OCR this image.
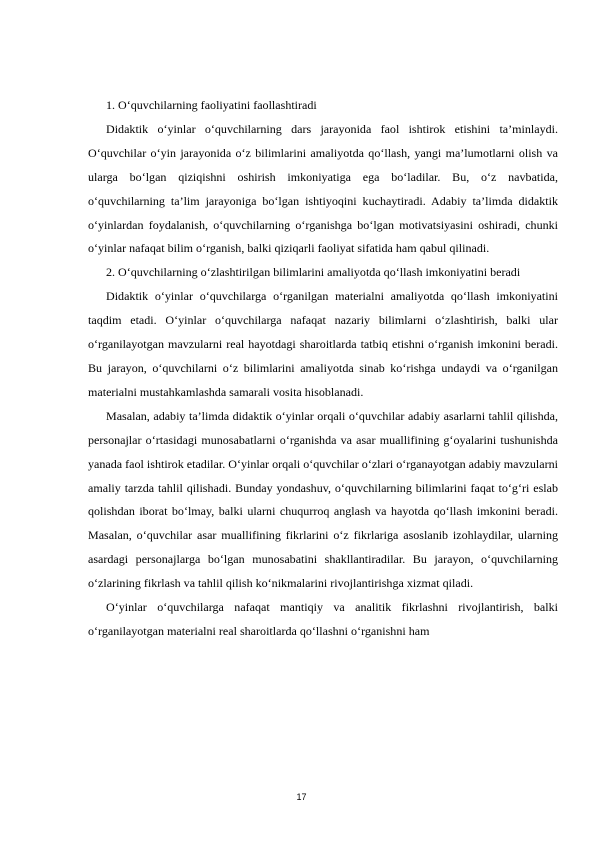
1. O‘quvchilarning faoliyatini faollashtiradi

Didaktik o‘yinlar o‘quvchilarning dars jarayonida faol ishtirok etishini ta’minlaydi. O‘quvchilar o‘yin jarayonida o‘z bilimlarini amaliyotda qo‘llash, yangi ma’lumotlarni olish va ularga bo‘lgan qiziqishni oshirish imkoniyatiga ega bo‘ladilar. Bu, o‘z navbatida, o‘quvchilarning ta’lim jarayoniga bo‘lgan ishtiyoqini kuchaytiradi. Adabiy ta’limda didaktik o‘yinlardan foydalanish, o‘quvchilarning o‘rganishga bo‘lgan motivatsiyasini oshiradi, chunki o‘yinlar nafaqat bilim o‘rganish, balki qiziqarli faoliyat sifatida ham qabul qilinadi.

2. O‘quvchilarning o‘zlashtirilgan bilimlarini amaliyotda qo‘llash imkoniyatini beradi

Didaktik o‘yinlar o‘quvchilarga o‘rganilgan materialni amaliyotda qo‘llash imkoniyatini taqdim etadi. O‘yinlar o‘quvchilarga nafaqat nazariy bilimlarni o‘zlashtirish, balki ular o‘rganilayotgan mavzularni real hayotdagi sharoitlarda tatbiq etishni o‘rganish imkonini beradi. Bu jarayon, o‘quvchilarni o‘z bilimlarini amaliyotda sinab ko‘rishga undaydi va o‘rganilgan materialni mustahkamlashda samarali vosita hisoblanadi.

Masalan, adabiy ta’limda didaktik o‘yinlar orqali o‘quvchilar adabiy asarlarni tahlil qilishda, personajlar o‘rtasidagi munosabatlarni o‘rganishda va asar muallifining g‘oyalarini tushunishda yanada faol ishtirok etadilar. O‘yinlar orqali o‘quvchilar o‘zlari o‘rganayotgan adabiy mavzularni amaliy tarzda tahlil qilishadi. Bunday yondashuv, o‘quvchilarning bilimlarini faqat to‘g‘ri eslab qolishdan iborat bo‘lmay, balki ularni chuqurroq anglash va hayotda qo‘llash imkonini beradi. Masalan, o‘quvchilar asar muallifining fikrlarini o‘z fikrlariga asoslanib izohlaydilar, ularning asardagi personajlarga bo‘lgan munosabatini shakllantiradilar. Bu jarayon, o‘quvchilarning o‘zlarining fikrlash va tahlil qilish ko‘nikmalarini rivojlantirishga xizmat qiladi.

O‘yinlar o‘quvchilarga nafaqat mantiqiy va analitik fikrlashni rivojlantirish, balki o‘rganilayotgan materialni real sharoitlarda qo‘llashni o‘rganishni ham

17
